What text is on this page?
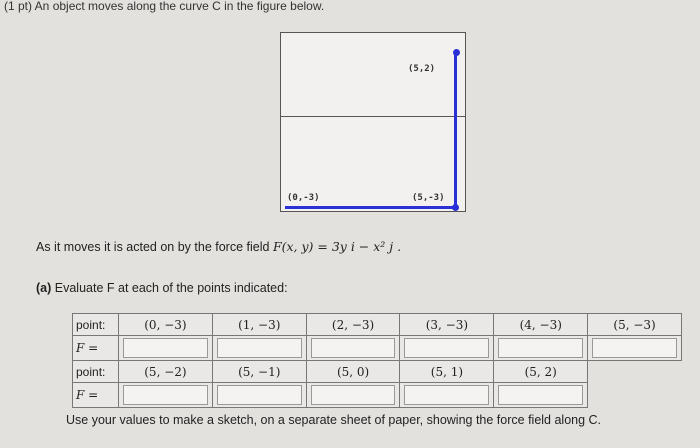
(1 pt) An object moves along the curve C in the figure below.
(5,2)
(0,-3)	(5,-3)
As it moves it is acted on by the force field F(x, y) = 3y i − x² j .
(a) Evaluate F at each of the points indicated:
point:	(0, −3)	(1, −3)	(2, −3)	(3, −3)	(4, −3)	(5, −3)
F =	

point:	(5, −2)	(5, −1)	(5, 0)	(5, 1)	(5, 2)	
F =	

Use your values to make a sketch, on a separate sheet of paper, showing the force field along C.
